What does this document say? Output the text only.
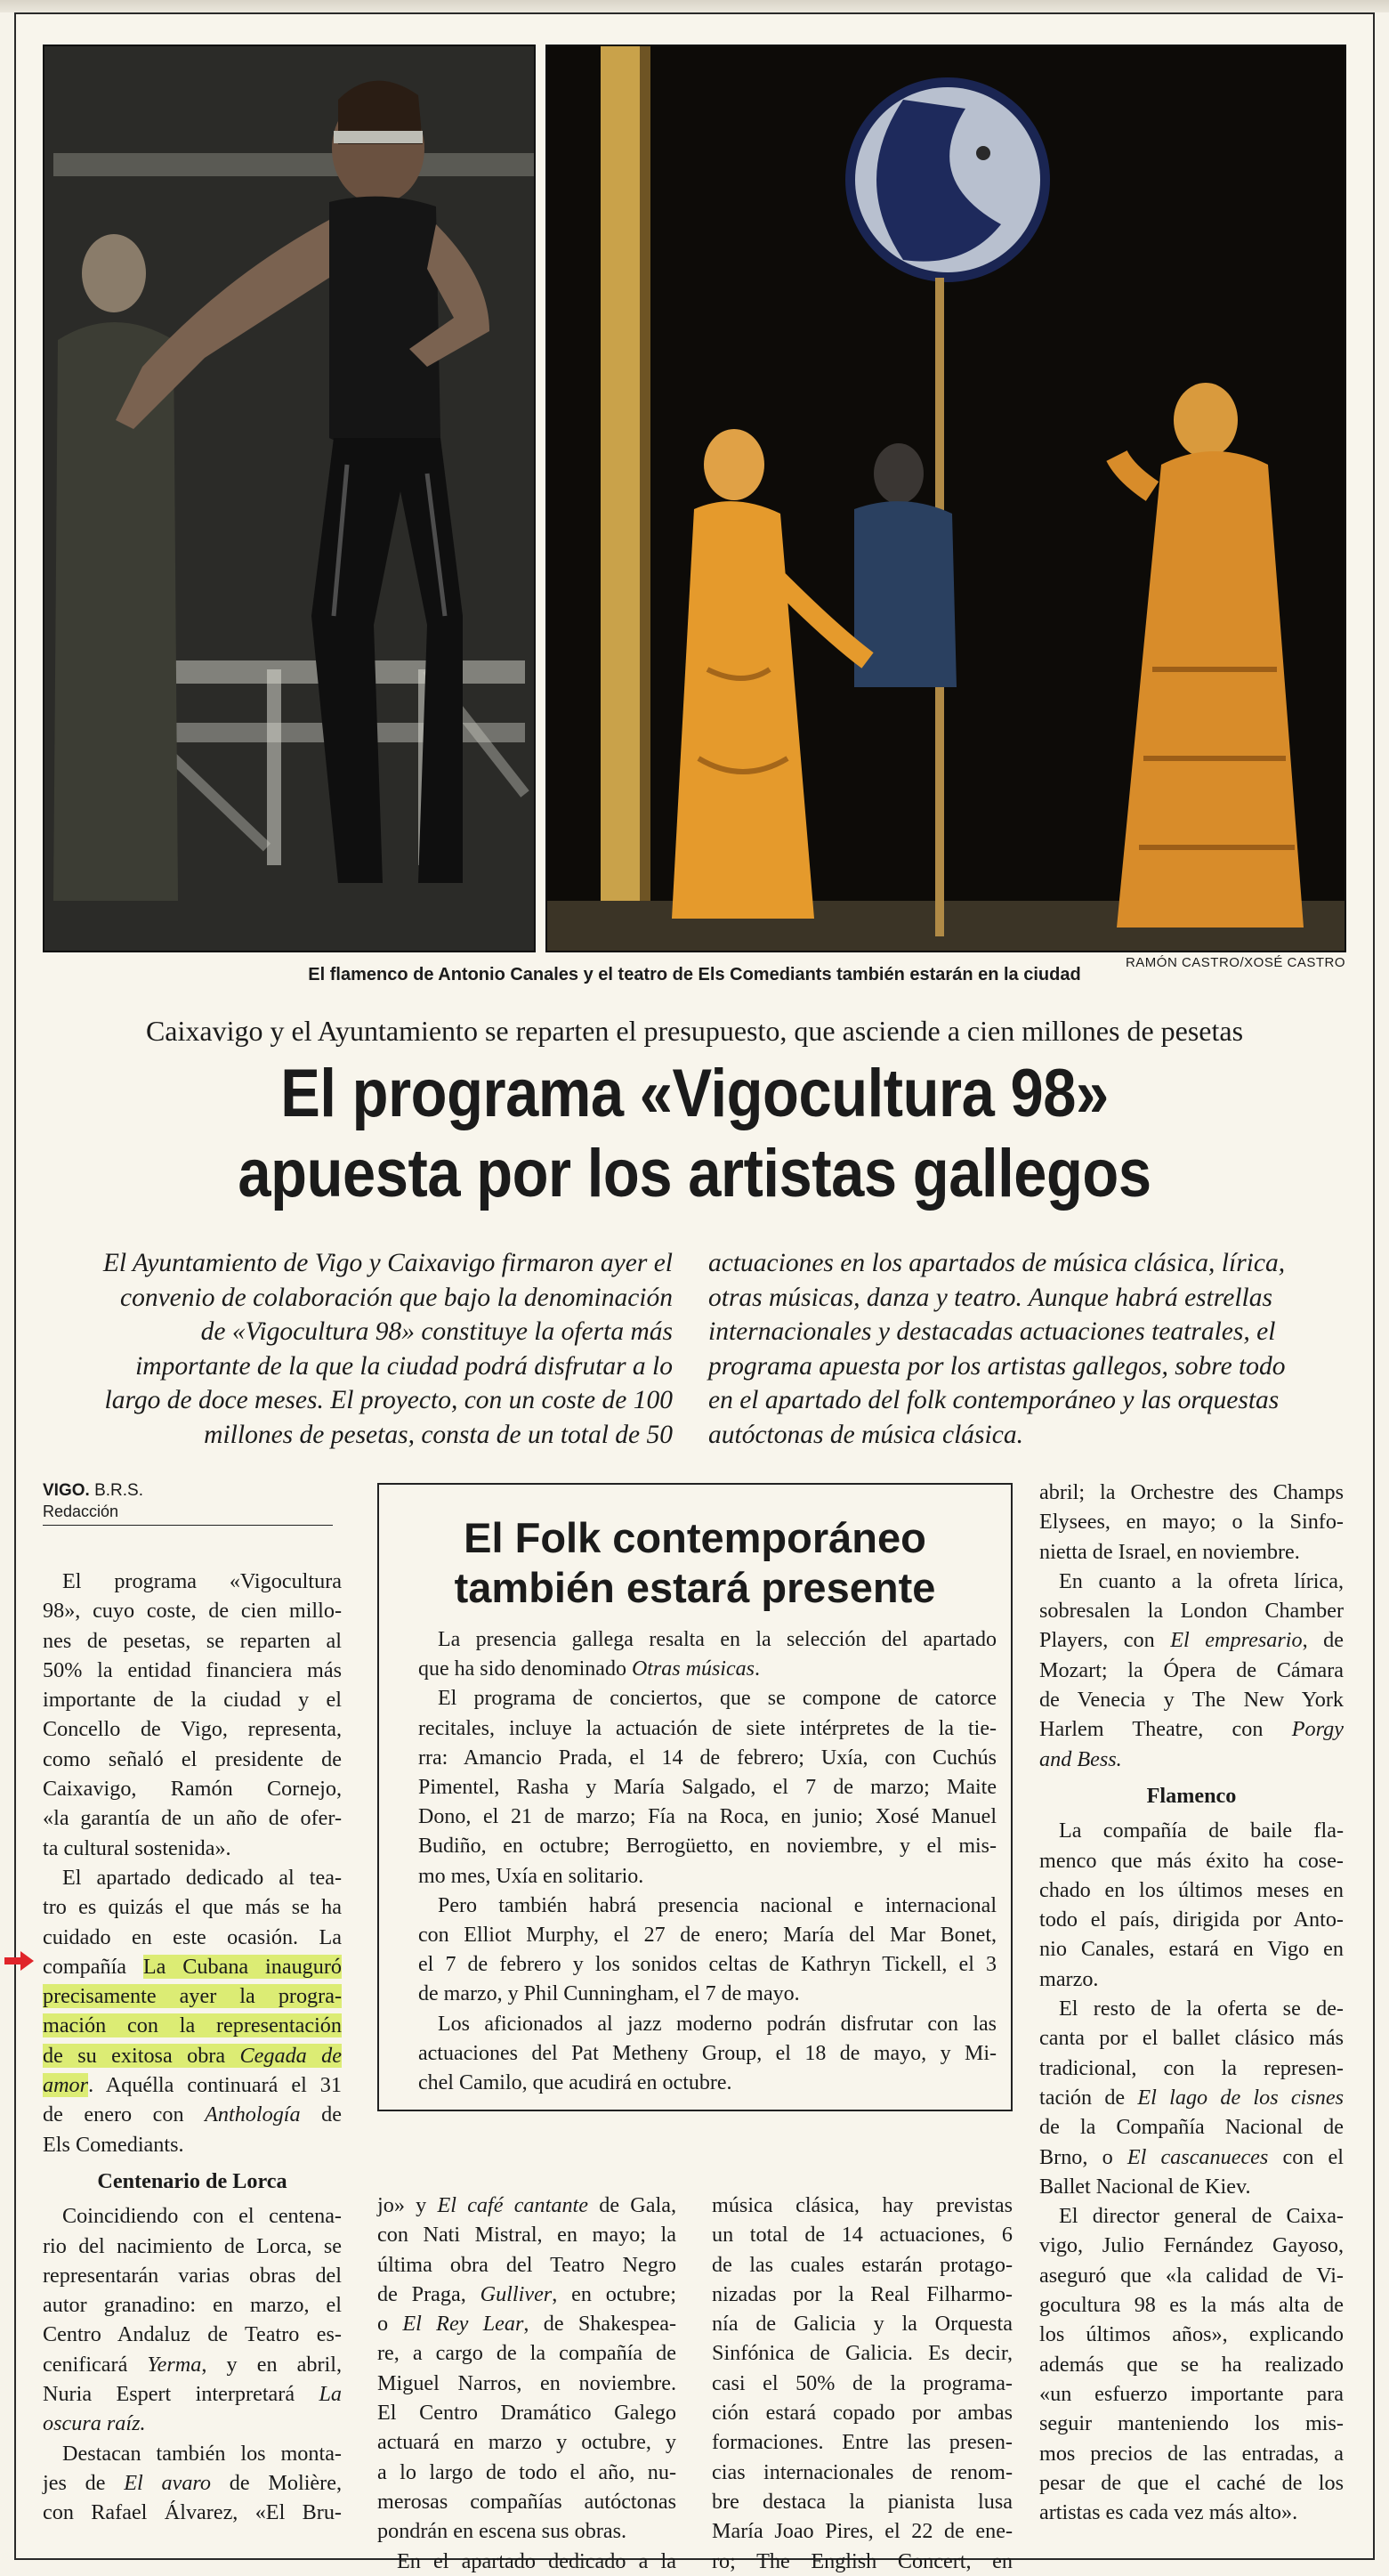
RAMÓN CASTRO/XOSÉ CASTRO
El flamenco de Antonio Canales y el teatro de Els Comediants también estarán en la ciudad
Caixavigo y el Ayuntamiento se reparten el presupuesto, que asciende a cien millones de pesetas
El programa «Vigocultura 98»
apuesta por los artistas gallegos

El Ayuntamiento de Vigo y Caixavigo firmaron ayer el

convenio de colaboración que bajo la denominación

de «Vigocultura 98» constituye la oferta más

importante de la que la ciudad podrá disfrutar a lo

largo de doce meses. El proyecto, con un coste de 100

millones de pesetas, consta de un total de 50

actuaciones en los apartados de música clásica, lírica,

otras músicas, danza y teatro. Aunque habrá estrellas

internacionales y destacadas actuaciones teatrales, el

programa apuesta por los artistas gallegos, sobre todo

en el apartado del folk contemporáneo y las orquestas

autóctonas de música clásica.

VIGO. B.R.S.
Redacción

El programa «Vigocultura

98», cuyo coste, de cien millo-

nes de pesetas, se reparten al

50% la entidad financiera más

importante de la ciudad y el

Concello de Vigo, representa,

como señaló el presidente de

Caixavigo, Ramón Cornejo,

«la garantía de un año de ofer-

ta cultural sostenida».

El apartado dedicado al tea-

tro es quizás el que más se ha

cuidado en este ocasión. La

compañía La Cubana inauguró

precisamente ayer la progra-

mación con la representación

de su exitosa obra Cegada de

amor. Aquélla continuará el 31

de enero con Anthología de

Els Comediants.

Centenario de Lorca

Coincidiendo con el centena-

rio del nacimiento de Lorca, se

representarán varias obras del

autor granadino: en marzo, el

Centro Andaluz de Teatro es-

cenificará Yerma, y en abril,

Nuria Espert interpretará La

oscura raíz.

Destacan también los monta-

jes de El avaro de Molière,

con Rafael Álvarez, «El Bru-

El Folk contemporáneo
también estará presente

La presencia gallega resalta en la selección del apartado

que ha sido denominado Otras músicas.

El programa de conciertos, que se compone de catorce

recitales, incluye la actuación de siete intérpretes de la tie-

rra: Amancio Prada, el 14 de febrero; Uxía, con Cuchús

Pimentel, Rasha y María Salgado, el 7 de marzo; Maite

Dono, el 21 de marzo; Fía na Roca, en junio; Xosé Manuel

Budiño, en octubre; Berrogüetto, en noviembre, y el mis-

mo mes, Uxía en solitario.

Pero también habrá presencia nacional e internacional

con Elliot Murphy, el 27 de enero; María del Mar Bonet,

el 7 de febrero y los sonidos celtas de Kathryn Tickell, el 3

de marzo, y Phil Cunningham, el 7 de mayo.

Los aficionados al jazz moderno podrán disfrutar con las

actuaciones del Pat Metheny Group, el 18 de mayo, y Mi-

chel Camilo, que acudirá en octubre.

jo» y El café cantante de Gala,

con Nati Mistral, en mayo; la

última obra del Teatro Negro

de Praga, Gulliver, en octubre;

o El Rey Lear, de Shakespea-

re, a cargo de la compañía de

Miguel Narros, en noviembre.

El Centro Dramático Galego

actuará en marzo y octubre, y

a lo largo de todo el año, nu-

merosas compañías autóctonas

pondrán en escena sus obras.

En el apartado dedicado a la

música clásica, hay previstas

un total de 14 actuaciones, 6

de las cuales estarán protago-

nizadas por la Real Filharmo-

nía de Galicia y la Orquesta

Sinfónica de Galicia. Es decir,

casi el 50% de la programa-

ción estará copado por ambas

formaciones. Entre las presen-

cias internacionales de renom-

bre destaca la pianista lusa

María Joao Pires, el 22 de ene-

ro; The English Concert, en

abril; la Orchestre des Champs

Elysees, en mayo; o la Sinfo-

nietta de Israel, en noviembre.

En cuanto a la ofreta lírica,

sobresalen la London Chamber

Players, con El empresario, de

Mozart; la Ópera de Cámara

de Venecia y The New York

Harlem Theatre, con Porgy

and Bess.

Flamenco

La compañía de baile fla-

menco que más éxito ha cose-

chado en los últimos meses en

todo el país, dirigida por Anto-

nio Canales, estará en Vigo en

marzo.

El resto de la oferta se de-

canta por el ballet clásico más

tradicional, con la represen-

tación de El lago de los cisnes

de la Compañía Nacional de

Brno, o El cascanueces con el

Ballet Nacional de Kiev.

El director general de Caixa-

vigo, Julio Fernández Gayoso,

aseguró que «la calidad de Vi-

gocultura 98 es la más alta de

los últimos años», explicando

además que se ha realizado

«un esfuerzo importante para

seguir manteniendo los mis-

mos precios de las entradas, a

pesar de que el caché de los

artistas es cada vez más alto».
